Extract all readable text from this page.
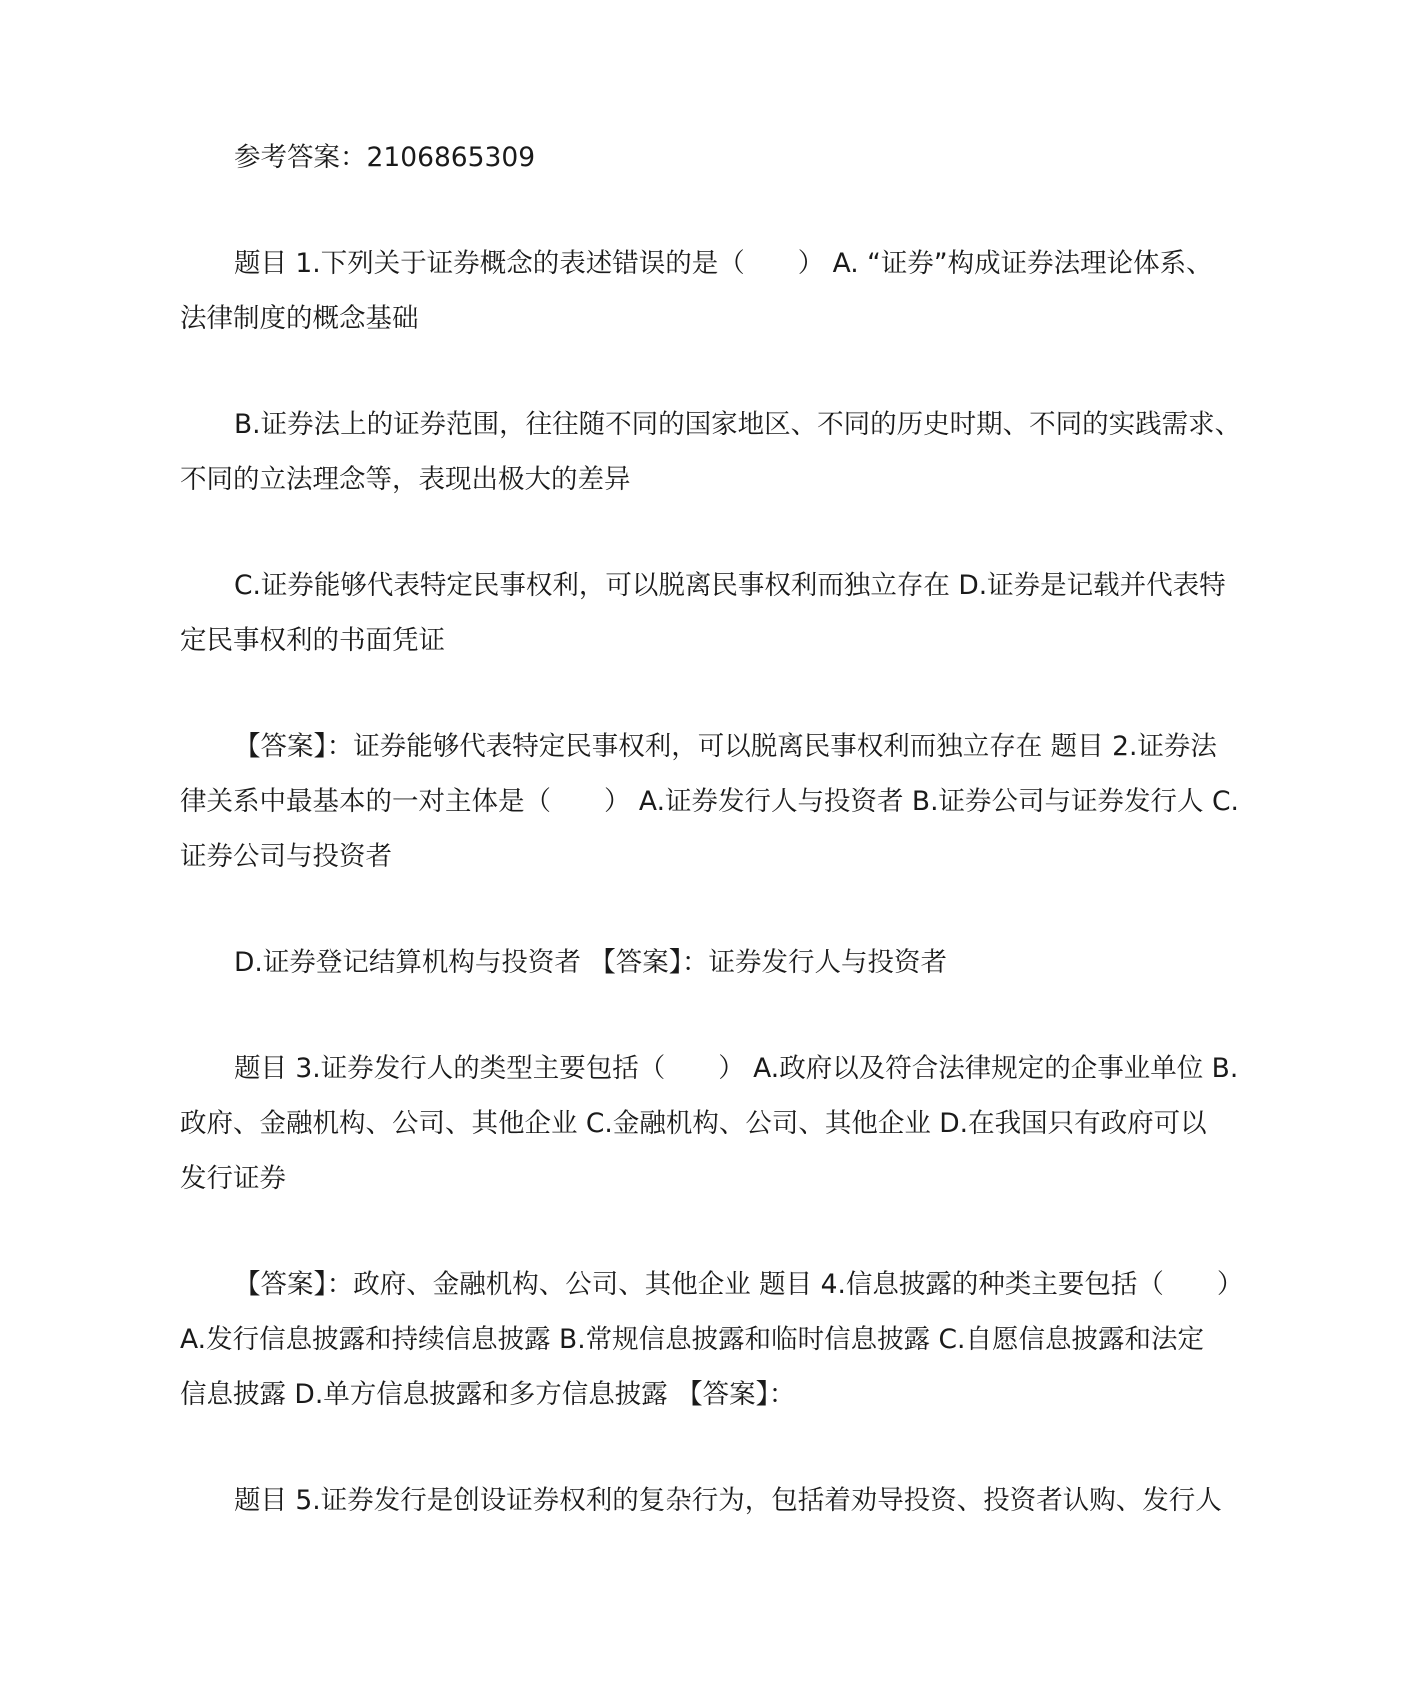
参考答案：2106865309

题目 1.下列关于证券概念的表述错误的是（　　） A. “证券”构成证券法理论体系、
法律制度的概念基础

B.证券法上的证券范围，往往随不同的国家地区、不同的历史时期、不同的实践需求、
不同的立法理念等，表现出极大的差异

C.证券能够代表特定民事权利，可以脱离民事权利而独立存在 D.证券是记载并代表特
定民事权利的书面凭证

【答案】：证券能够代表特定民事权利，可以脱离民事权利而独立存在 题目 2.证券法
律关系中最基本的一对主体是（　　） A.证券发行人与投资者 B.证券公司与证券发行人 C.
证券公司与投资者

D.证券登记结算机构与投资者 【答案】：证券发行人与投资者

题目 3.证券发行人的类型主要包括（　　） A.政府以及符合法律规定的企事业单位 B.
政府、金融机构、公司、其他企业 C.金融机构、公司、其他企业 D.在我国只有政府可以
发行证券

【答案】：政府、金融机构、公司、其他企业 题目 4.信息披露的种类主要包括（　　）
A.发行信息披露和持续信息披露 B.常规信息披露和临时信息披露 C.自愿信息披露和法定
信息披露 D.单方信息披露和多方信息披露 【答案】：

题目 5.证券发行是创设证券权利的复杂行为，包括着劝导投资、投资者认购、发行人
